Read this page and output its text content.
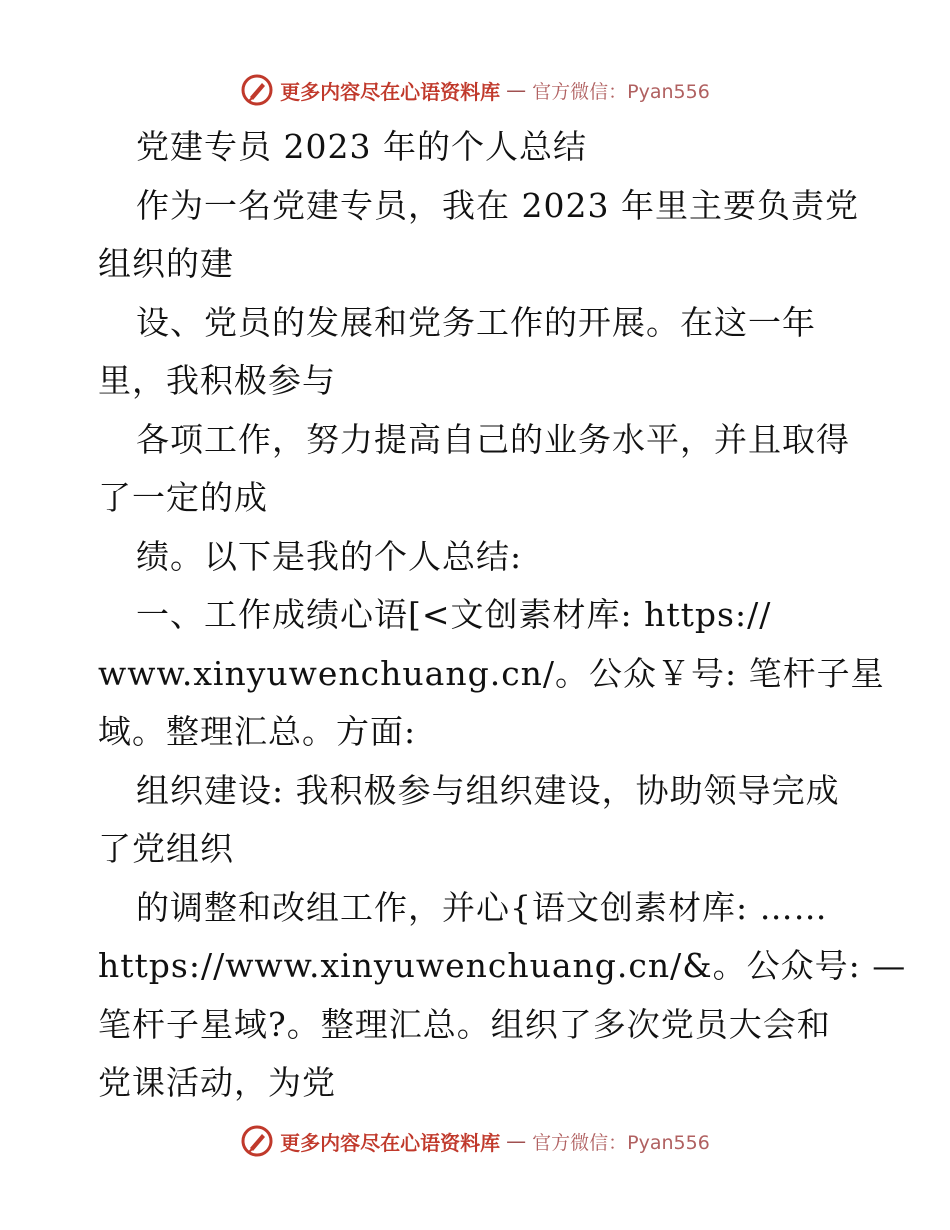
更多内容尽在心语资料库 — 官方微信：Pyan556
党建专员 2023 年的个人总结
作为一名党建专员，我在 2023 年里主要负责党
组织的建
设、党员的发展和党务工作的开展。在这一年
里，我积极参与
各项工作，努力提高自己的业务水平，并且取得
了一定的成
绩。以下是我的个人总结:
一、工作成绩心语[<文创素材库: https://
www.xinyuwenchuang.cn/。公众￥号: 笔杆子星
域。整理汇总。方面:
组织建设: 我积极参与组织建设，协助领导完成
了党组织
的调整和改组工作，并心{语文创素材库: ……
https://www.xinyuwenchuang.cn/&。公众号: —
笔杆子星域?。整理汇总。组织了多次党员大会和
党课活动，为党
更多内容尽在心语资料库 — 官方微信：Pyan556
